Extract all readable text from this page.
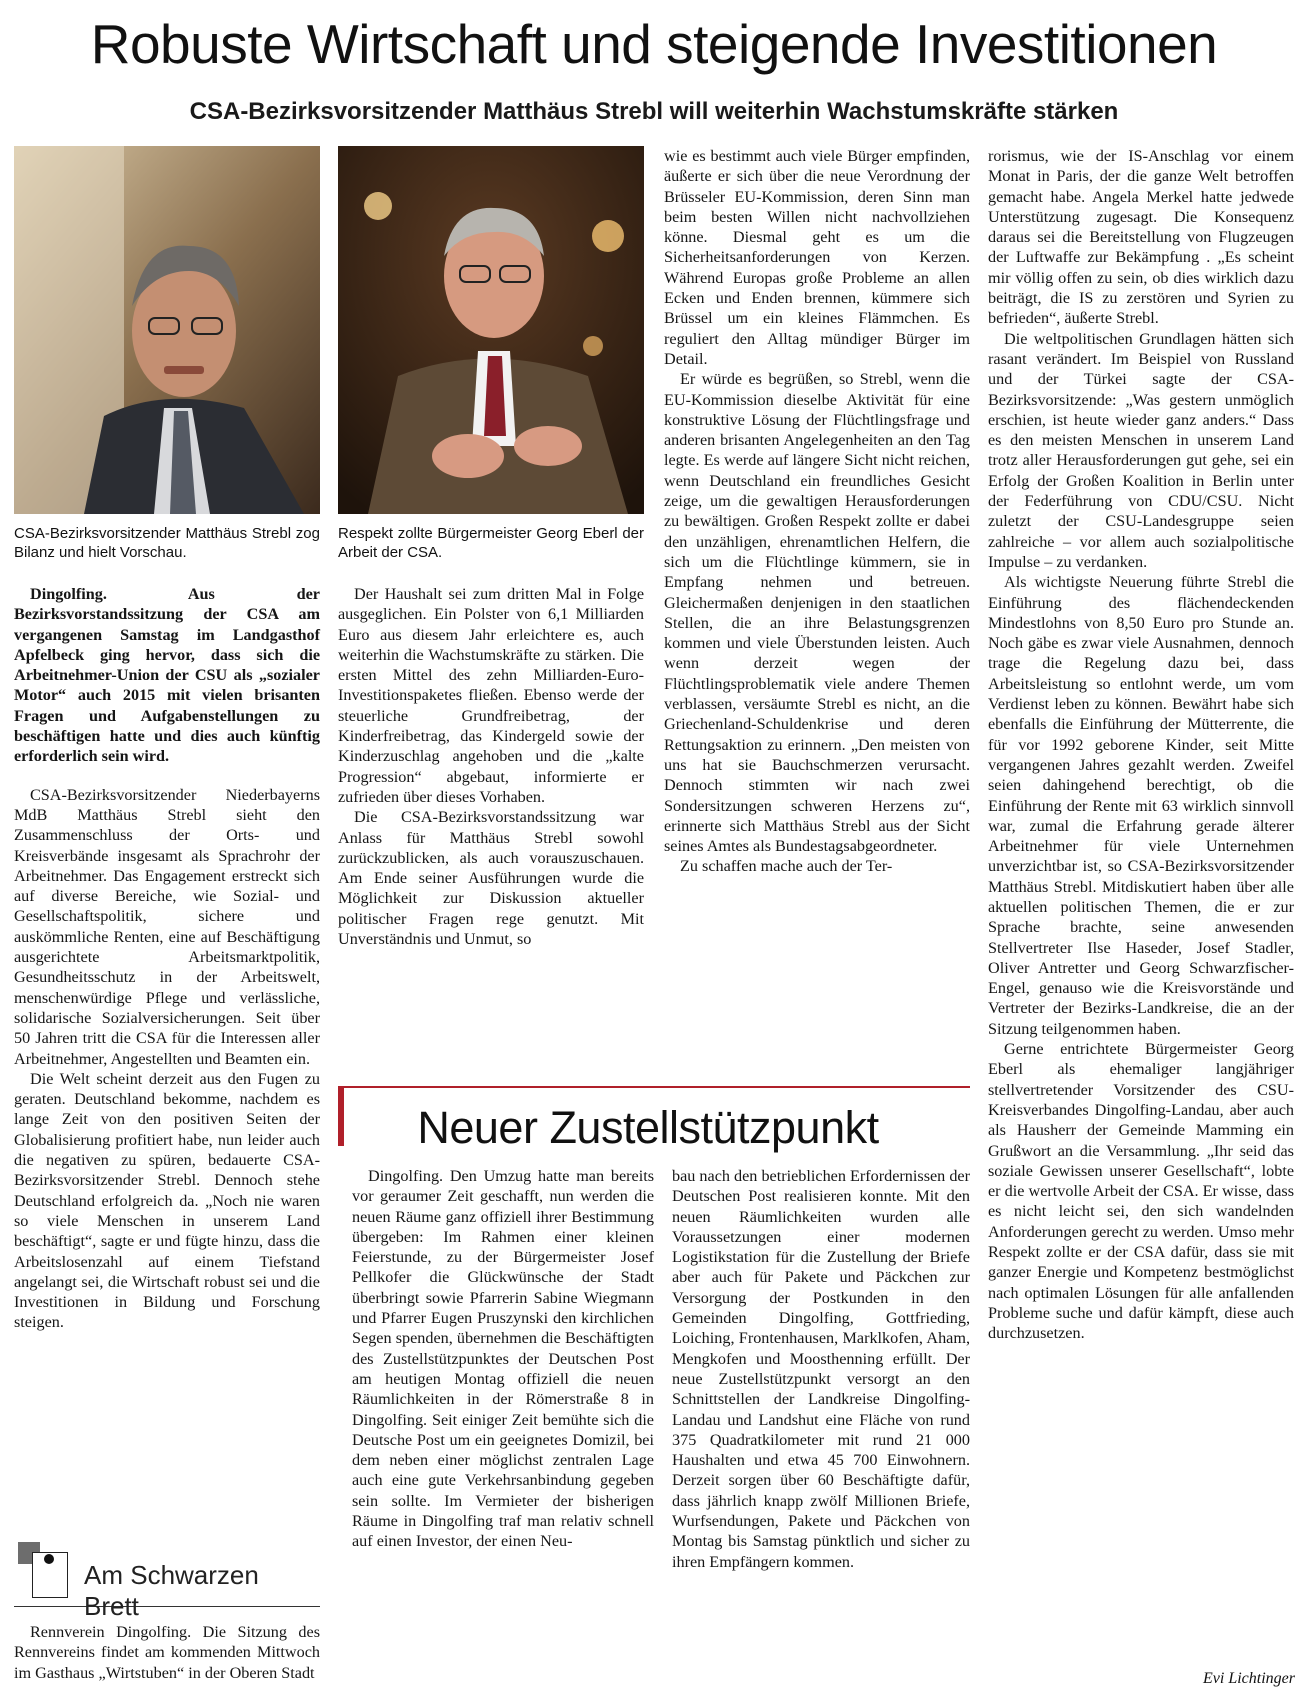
Robuste Wirtschaft und steigende Investitionen
CSA-Bezirksvorsitzender Matthäus Strebl will weiterhin Wachstumskräfte stärken
CSA-Bezirksvorsitzender Matthäus Strebl zog Bilanz und hielt Vorschau.
Respekt zollte Bürgermeister Georg Eberl der Arbeit der CSA.

Dingolfing. Aus der Bezirksvorstandssitzung der CSA am vergangenen Samstag im Landgasthof Apfelbeck ging hervor, dass sich die Arbeitnehmer-Union der CSU als „sozialer Motor“ auch 2015 mit vielen brisanten Fragen und Aufgabenstellungen zu beschäftigen hatte und dies auch künftig erforderlich sein wird.

CSA-Bezirksvorsitzender Niederbayerns MdB Matthäus Strebl sieht den Zusammenschluss der Orts- und Kreisverbände insgesamt als Sprachrohr der Arbeitnehmer. Das Engagement erstreckt sich auf diverse Bereiche, wie Sozial- und Gesellschaftspolitik, sichere und auskömmliche Renten, eine auf Beschäftigung ausgerichtete Arbeitsmarktpolitik, Gesundheitsschutz in der Arbeitswelt, menschenwürdige Pflege und verlässliche, solidarische Sozialversicherungen. Seit über 50 Jahren tritt die CSA für die Interessen aller Arbeitnehmer, Angestellten und Beamten ein.

Die Welt scheint derzeit aus den Fugen zu geraten. Deutschland bekomme, nachdem es lange Zeit von den positiven Seiten der Globalisierung profitiert habe, nun leider auch die negativen zu spüren, bedauerte CSA-Bezirksvorsitzender Strebl. Dennoch stehe Deutschland erfolgreich da. „Noch nie waren so viele Menschen in unserem Land beschäftigt“, sagte er und fügte hinzu, dass die Arbeitslosenzahl auf einem Tiefstand angelangt sei, die Wirtschaft robust sei und die Investitionen in Bildung und Forschung steigen.

Der Haushalt sei zum dritten Mal in Folge ausgeglichen. Ein Polster von 6,1 Milliarden Euro aus diesem Jahr erleichtere es, auch weiterhin die Wachstumskräfte zu stärken. Die ersten Mittel des zehn Milliarden-Euro-Investitionspaketes fließen. Ebenso werde der steuerliche Grundfreibetrag, der Kinderfreibetrag, das Kindergeld sowie der Kinderzuschlag angehoben und die „kalte Progression“ abgebaut, informierte er zufrieden über dieses Vorhaben.

Die CSA-Bezirksvorstandssitzung war Anlass für Matthäus Strebl sowohl zurückzublicken, als auch vorauszuschauen. Am Ende seiner Ausführungen wurde die Möglichkeit zur Diskussion aktueller politischer Fragen rege genutzt. Mit Unverständnis und Unmut, so

wie es bestimmt auch viele Bürger empfinden, äußerte er sich über die neue Verordnung der Brüsseler EU-Kommission, deren Sinn man beim besten Willen nicht nachvollziehen könne. Diesmal geht es um die Sicherheitsanforderungen von Kerzen. Während Europas große Probleme an allen Ecken und Enden brennen, kümmere sich Brüssel um ein kleines Flämmchen. Es reguliert den Alltag mündiger Bürger im Detail.

Er würde es begrüßen, so Strebl, wenn die EU-Kommission dieselbe Aktivität für eine konstruktive Lösung der Flüchtlingsfrage und anderen brisanten Angelegenheiten an den Tag legte. Es werde auf längere Sicht nicht reichen, wenn Deutschland ein freundliches Gesicht zeige, um die gewaltigen Herausforderungen zu bewältigen. Großen Respekt zollte er dabei den unzähligen, ehrenamtlichen Helfern, die sich um die Flüchtlinge kümmern, sie in Empfang nehmen und betreuen. Gleichermaßen denjenigen in den staatlichen Stellen, die an ihre Belastungsgrenzen kommen und viele Überstunden leisten. Auch wenn derzeit wegen der Flüchtlingsproblematik viele andere Themen verblassen, versäumte Strebl es nicht, an die Griechenland-Schuldenkrise und deren Rettungsaktion zu erinnern. „Den meisten von uns hat sie Bauchschmerzen verursacht. Dennoch stimmten wir nach zwei Sondersitzungen schweren Herzens zu“, erinnerte sich Matthäus Strebl aus der Sicht seines Amtes als Bundestagsabgeordneter.

Zu schaffen mache auch der Ter-

rorismus, wie der IS-Anschlag vor einem Monat in Paris, der die ganze Welt betroffen gemacht habe. Angela Merkel hatte jedwede Unterstützung zugesagt. Die Konsequenz daraus sei die Bereitstellung von Flugzeugen der Luftwaffe zur Bekämpfung . „Es scheint mir völlig offen zu sein, ob dies wirklich dazu beiträgt, die IS zu zerstören und Syrien zu befrieden“, äußerte Strebl.

Die weltpolitischen Grundlagen hätten sich rasant verändert. Im Beispiel von Russland und der Türkei sagte der CSA-Bezirksvorsitzende: „Was gestern unmöglich erschien, ist heute wieder ganz anders.“ Dass es den meisten Menschen in unserem Land trotz aller Herausforderungen gut gehe, sei ein Erfolg der Großen Koalition in Berlin unter der Federführung von CDU/CSU. Nicht zuletzt der CSU-Landesgruppe seien zahlreiche – vor allem auch sozialpolitische Impulse – zu verdanken.

Als wichtigste Neuerung führte Strebl die Einführung des flächendeckenden Mindestlohns von 8,50 Euro pro Stunde an. Noch gäbe es zwar viele Ausnahmen, dennoch trage die Regelung dazu bei, dass Arbeitsleistung so entlohnt werde, um vom Verdienst leben zu können. Bewährt habe sich ebenfalls die Einführung der Mütterrente, die für vor 1992 geborene Kinder, seit Mitte vergangenen Jahres gezahlt werden. Zweifel seien dahingehend berechtigt, ob die Einführung der Rente mit 63 wirklich sinnvoll war, zumal die Erfahrung gerade älterer Arbeitnehmer für viele Unternehmen unverzichtbar ist, so CSA-Bezirksvorsitzender Matthäus Strebl. Mitdiskutiert haben über alle aktuellen politischen Themen, die er zur Sprache brachte, seine anwesenden Stellvertreter Ilse Haseder, Josef Stadler, Oliver Antretter und Georg Schwarzfischer-Engel, genauso wie die Kreisvorstände und Vertreter der Bezirks-Landkreise, die an der Sitzung teilgenommen haben.

Gerne entrichtete Bürgermeister Georg Eberl als ehemaliger langjähriger stellvertretender Vorsitzender des CSU-Kreisverbandes Dingolfing-Landau, aber auch als Hausherr der Gemeinde Mamming ein Grußwort an die Versammlung. „Ihr seid das soziale Gewissen unserer Gesellschaft“, lobte er die wertvolle Arbeit der CSA. Er wisse, dass es nicht leicht sei, den sich wandelnden Anforderungen gerecht zu werden. Umso mehr Respekt zollte er der CSA dafür, dass sie mit ganzer Energie und Kompetenz bestmöglichst nach optimalen Lösungen für alle anfallenden Probleme suche und dafür kämpft, diese auch durchzusetzen.

Evi Lichtinger
Neuer Zustellstützpunkt

Dingolfing. Den Umzug hatte man bereits vor geraumer Zeit geschafft, nun werden die neuen Räume ganz offiziell ihrer Bestimmung übergeben: Im Rahmen einer kleinen Feierstunde, zu der Bürgermeister Josef Pellkofer die Glückwünsche der Stadt überbringt sowie Pfarrerin Sabine Wiegmann und Pfarrer Eugen Pruszynski den kirchlichen Segen spenden, übernehmen die Beschäftigten des Zustellstützpunktes der Deutschen Post am heutigen Montag offiziell die neuen Räumlichkeiten in der Römerstraße 8 in Dingolfing. Seit einiger Zeit bemühte sich die Deutsche Post um ein geeignetes Domizil, bei dem neben einer möglichst zentralen Lage auch eine gute Verkehrsanbindung gegeben sein sollte. Im Vermieter der bisherigen Räume in Dingolfing traf man relativ schnell auf einen Investor, der einen Neu-

bau nach den betrieblichen Erfordernissen der Deutschen Post realisieren konnte. Mit den neuen Räumlichkeiten wurden alle Voraussetzungen einer modernen Logistikstation für die Zustellung der Briefe aber auch für Pakete und Päckchen zur Versorgung der Postkunden in den Gemeinden Dingolfing, Gottfrieding, Loiching, Frontenhausen, Marklkofen, Aham, Mengkofen und Moosthenning erfüllt. Der neue Zustellstützpunkt versorgt an den Schnittstellen der Landkreise Dingolfing-Landau und Landshut eine Fläche von rund 375 Quadratkilometer mit rund 21 000 Haushalten und etwa 45 700 Einwohnern. Derzeit sorgen über 60 Beschäftigte dafür, dass jährlich knapp zwölf Millionen Briefe, Wurfsendungen, Pakete und Päckchen von Montag bis Samstag pünktlich und sicher zu ihren Empfängern kommen.

Am Schwarzen Brett

Rennverein Dingolfing. Die Sitzung des Rennvereins findet am kommenden Mittwoch im Gasthaus „Wirtstuben“ in der Oberen Stadt
